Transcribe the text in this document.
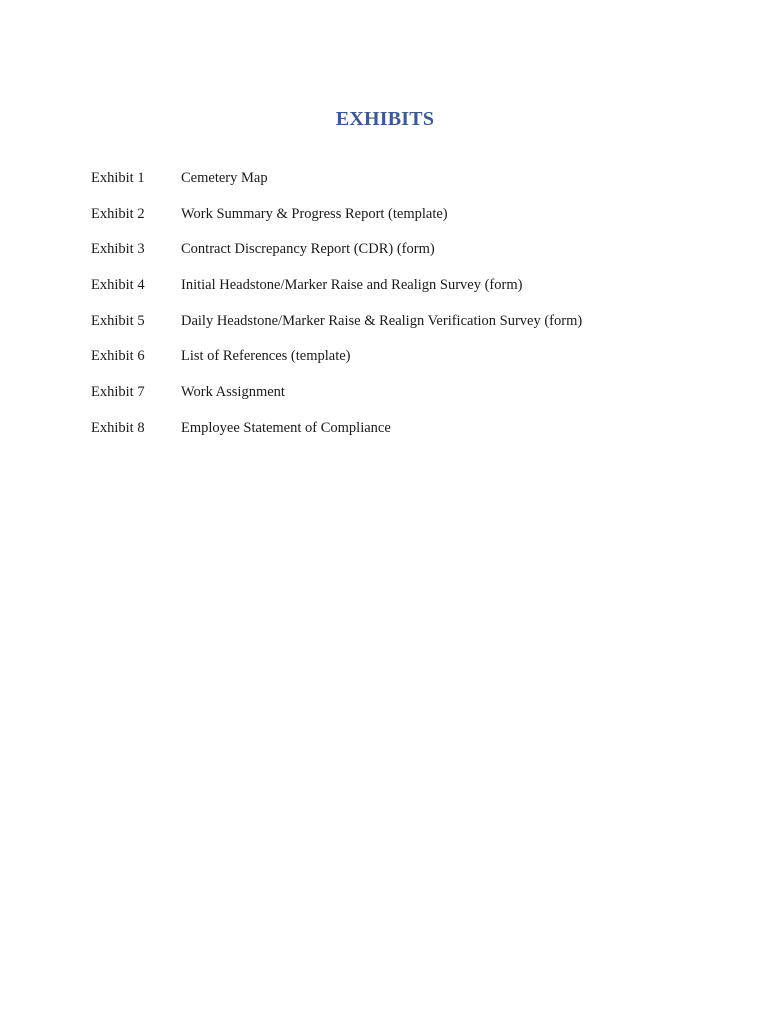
EXHIBITS
Exhibit 1	Cemetery Map
Exhibit 2	Work Summary & Progress Report (template)
Exhibit 3	Contract Discrepancy Report (CDR) (form)
Exhibit 4	Initial Headstone/Marker Raise and Realign Survey (form)
Exhibit 5	Daily Headstone/Marker Raise & Realign Verification Survey (form)
Exhibit 6	List of References (template)
Exhibit 7	Work Assignment
Exhibit 8	Employee Statement of Compliance
